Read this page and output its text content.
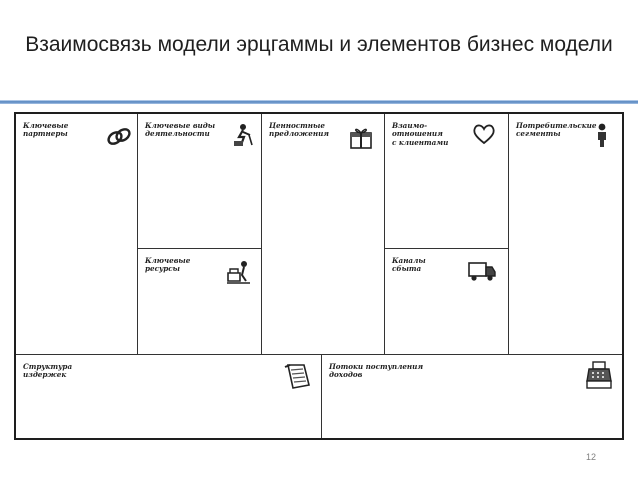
Взаимосвязь модели эрцгаммы и элементов бизнес модели
Ключевые
партнеры
Ключевые виды
деятельности
Ключевые
ресурсы
Ценностные
предложения
Взаимо-
отношения
с клиентами
Каналы
сбыта
Потребительские
сегменты
Структура
издержек
Потоки поступления
доходов
12
